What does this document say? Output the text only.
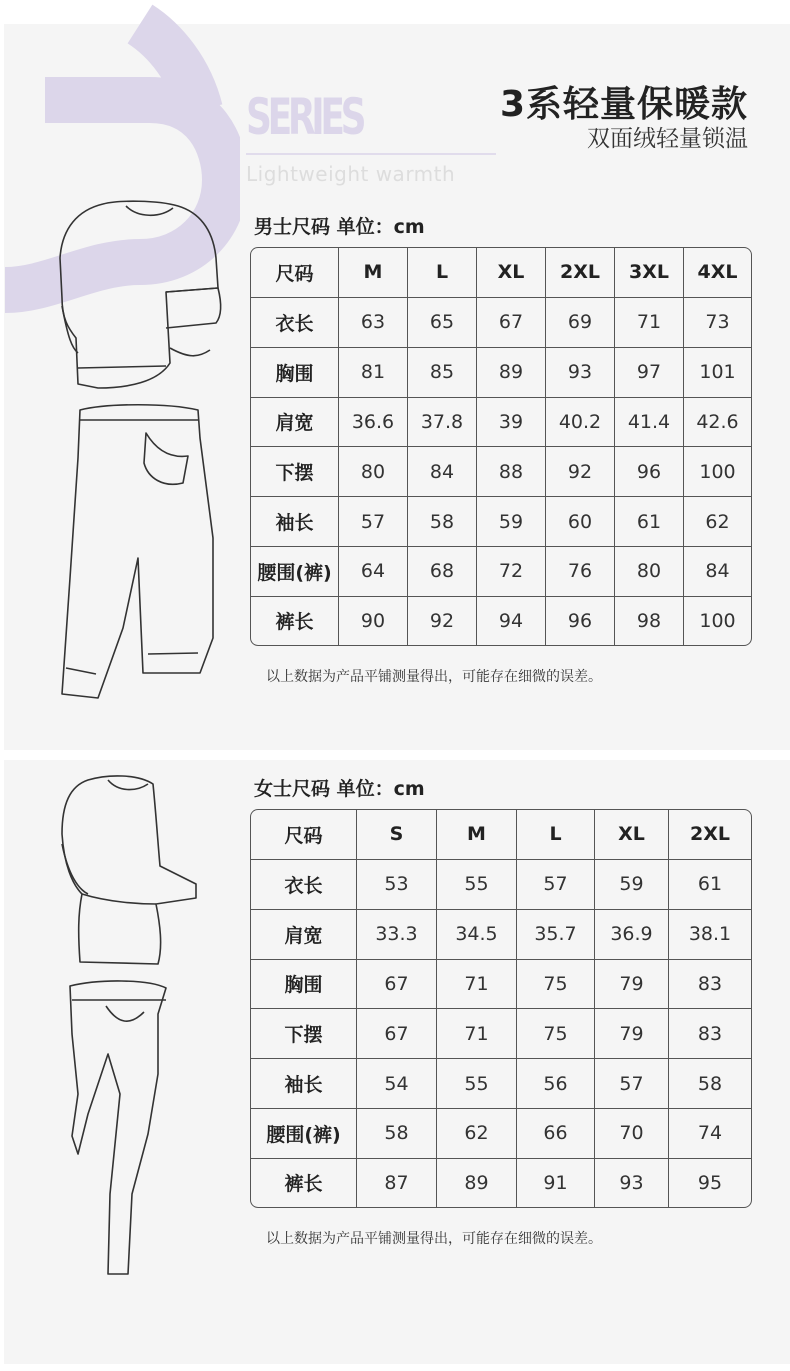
SERIES
Lightweight warmth
3系轻量保暖款
双面绒轻量锁温
男士尺码 单位：cm
尺码	M	L	XL	2XL	3XL	4XL
衣长	63	65	67	69	71	73
胸围	81	85	89	93	97	101
肩宽	36.6	37.8	39	40.2	41.4	42.6
下摆	80	84	88	92	96	100
袖长	57	58	59	60	61	62
腰围(裤)	64	68	72	76	80	84
裤长	90	92	94	96	98	100
以上数据为产品平铺测量得出，可能存在细微的误差。
女士尺码 单位：cm
尺码	S	M	L	XL	2XL
衣长	53	55	57	59	61
肩宽	33.3	34.5	35.7	36.9	38.1
胸围	67	71	75	79	83
下摆	67	71	75	79	83
袖长	54	55	56	57	58
腰围(裤)	58	62	66	70	74
裤长	87	89	91	93	95
以上数据为产品平铺测量得出，可能存在细微的误差。
